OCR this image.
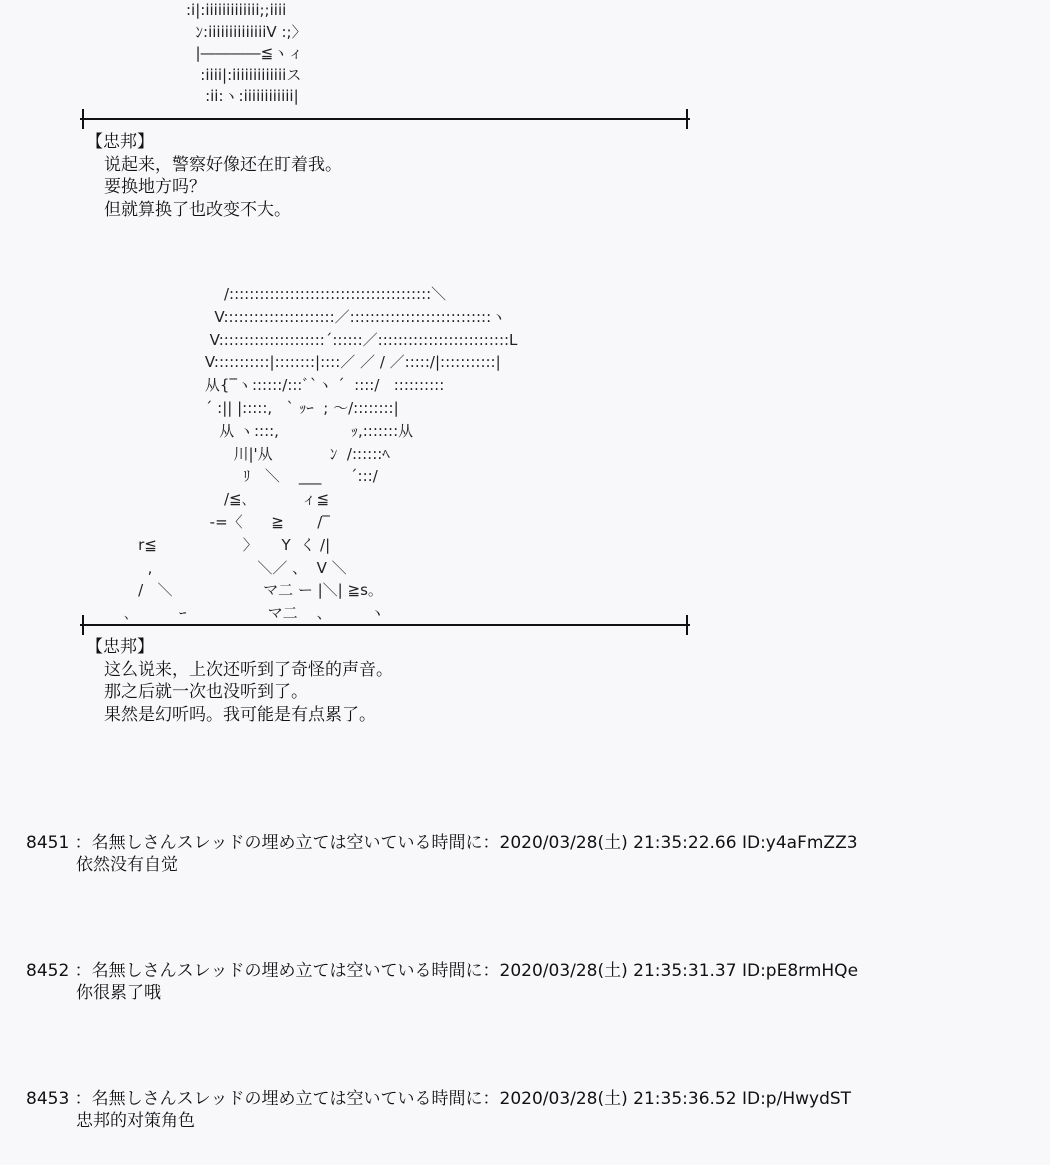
:i|:iiiiiiiiiiiii;;iiii
ﾝ:iiiiiiiiiiiiiiV :;〉
|――――≦ヽィ
:iiii|:iiiiiiiiiiiiiス
:ii:ヽ:iiiiiiiiiiii|
【忠邦】
说起来，警察好像还在盯着我。
要换地方吗？
但就算换了也改变不大。
/::::::::::::::::::::::::::::::::::::::::＼
V::::::::::::::::::::::／::::::::::::::::::::::::::::ヽ
V:::::::::::::::::::::´::::::／::::::::::::::::::::::::::L
V:::::::::::|::::::::|::::／ ／ / ／:::::/|:::::::::::|
从{‾ヽ::::::/:::ﾞ`ヽ ´  ::::/   ::::::::::
´ :|| |:::::,   ` ｯｰ  ; 〜/::::::::|
从 ヽ::::,               ｯ,:::::::从
川|'从            ﾝ  /::::::ﾍ
ﾘ   ＼    ___      ´:::/
/≦､           ィ≦
-=〈      ≧       /‾
r≦                  〉     Y  く /|
,                      ＼／ 、  V ＼
/   ＼                   マ二 ー |＼| ≧s。
､          ｰ                 マ二    、        ヽ
【忠邦】
这么说来，上次还听到了奇怪的声音。
那之后就一次也没听到了。
果然是幻听吗。我可能是有点累了。
8451 ：名無しさんスレッドの埋め立ては空いている時間に：2020/03/28(土) 21:35:22.66 ID:y4aFmZZ3
依然没有自觉
8452 ：名無しさんスレッドの埋め立ては空いている時間に：2020/03/28(土) 21:35:31.37 ID:pE8rmHQe
你很累了哦
8453 ：名無しさんスレッドの埋め立ては空いている時間に：2020/03/28(土) 21:35:36.52 ID:p/HwydST
忠邦的对策角色
